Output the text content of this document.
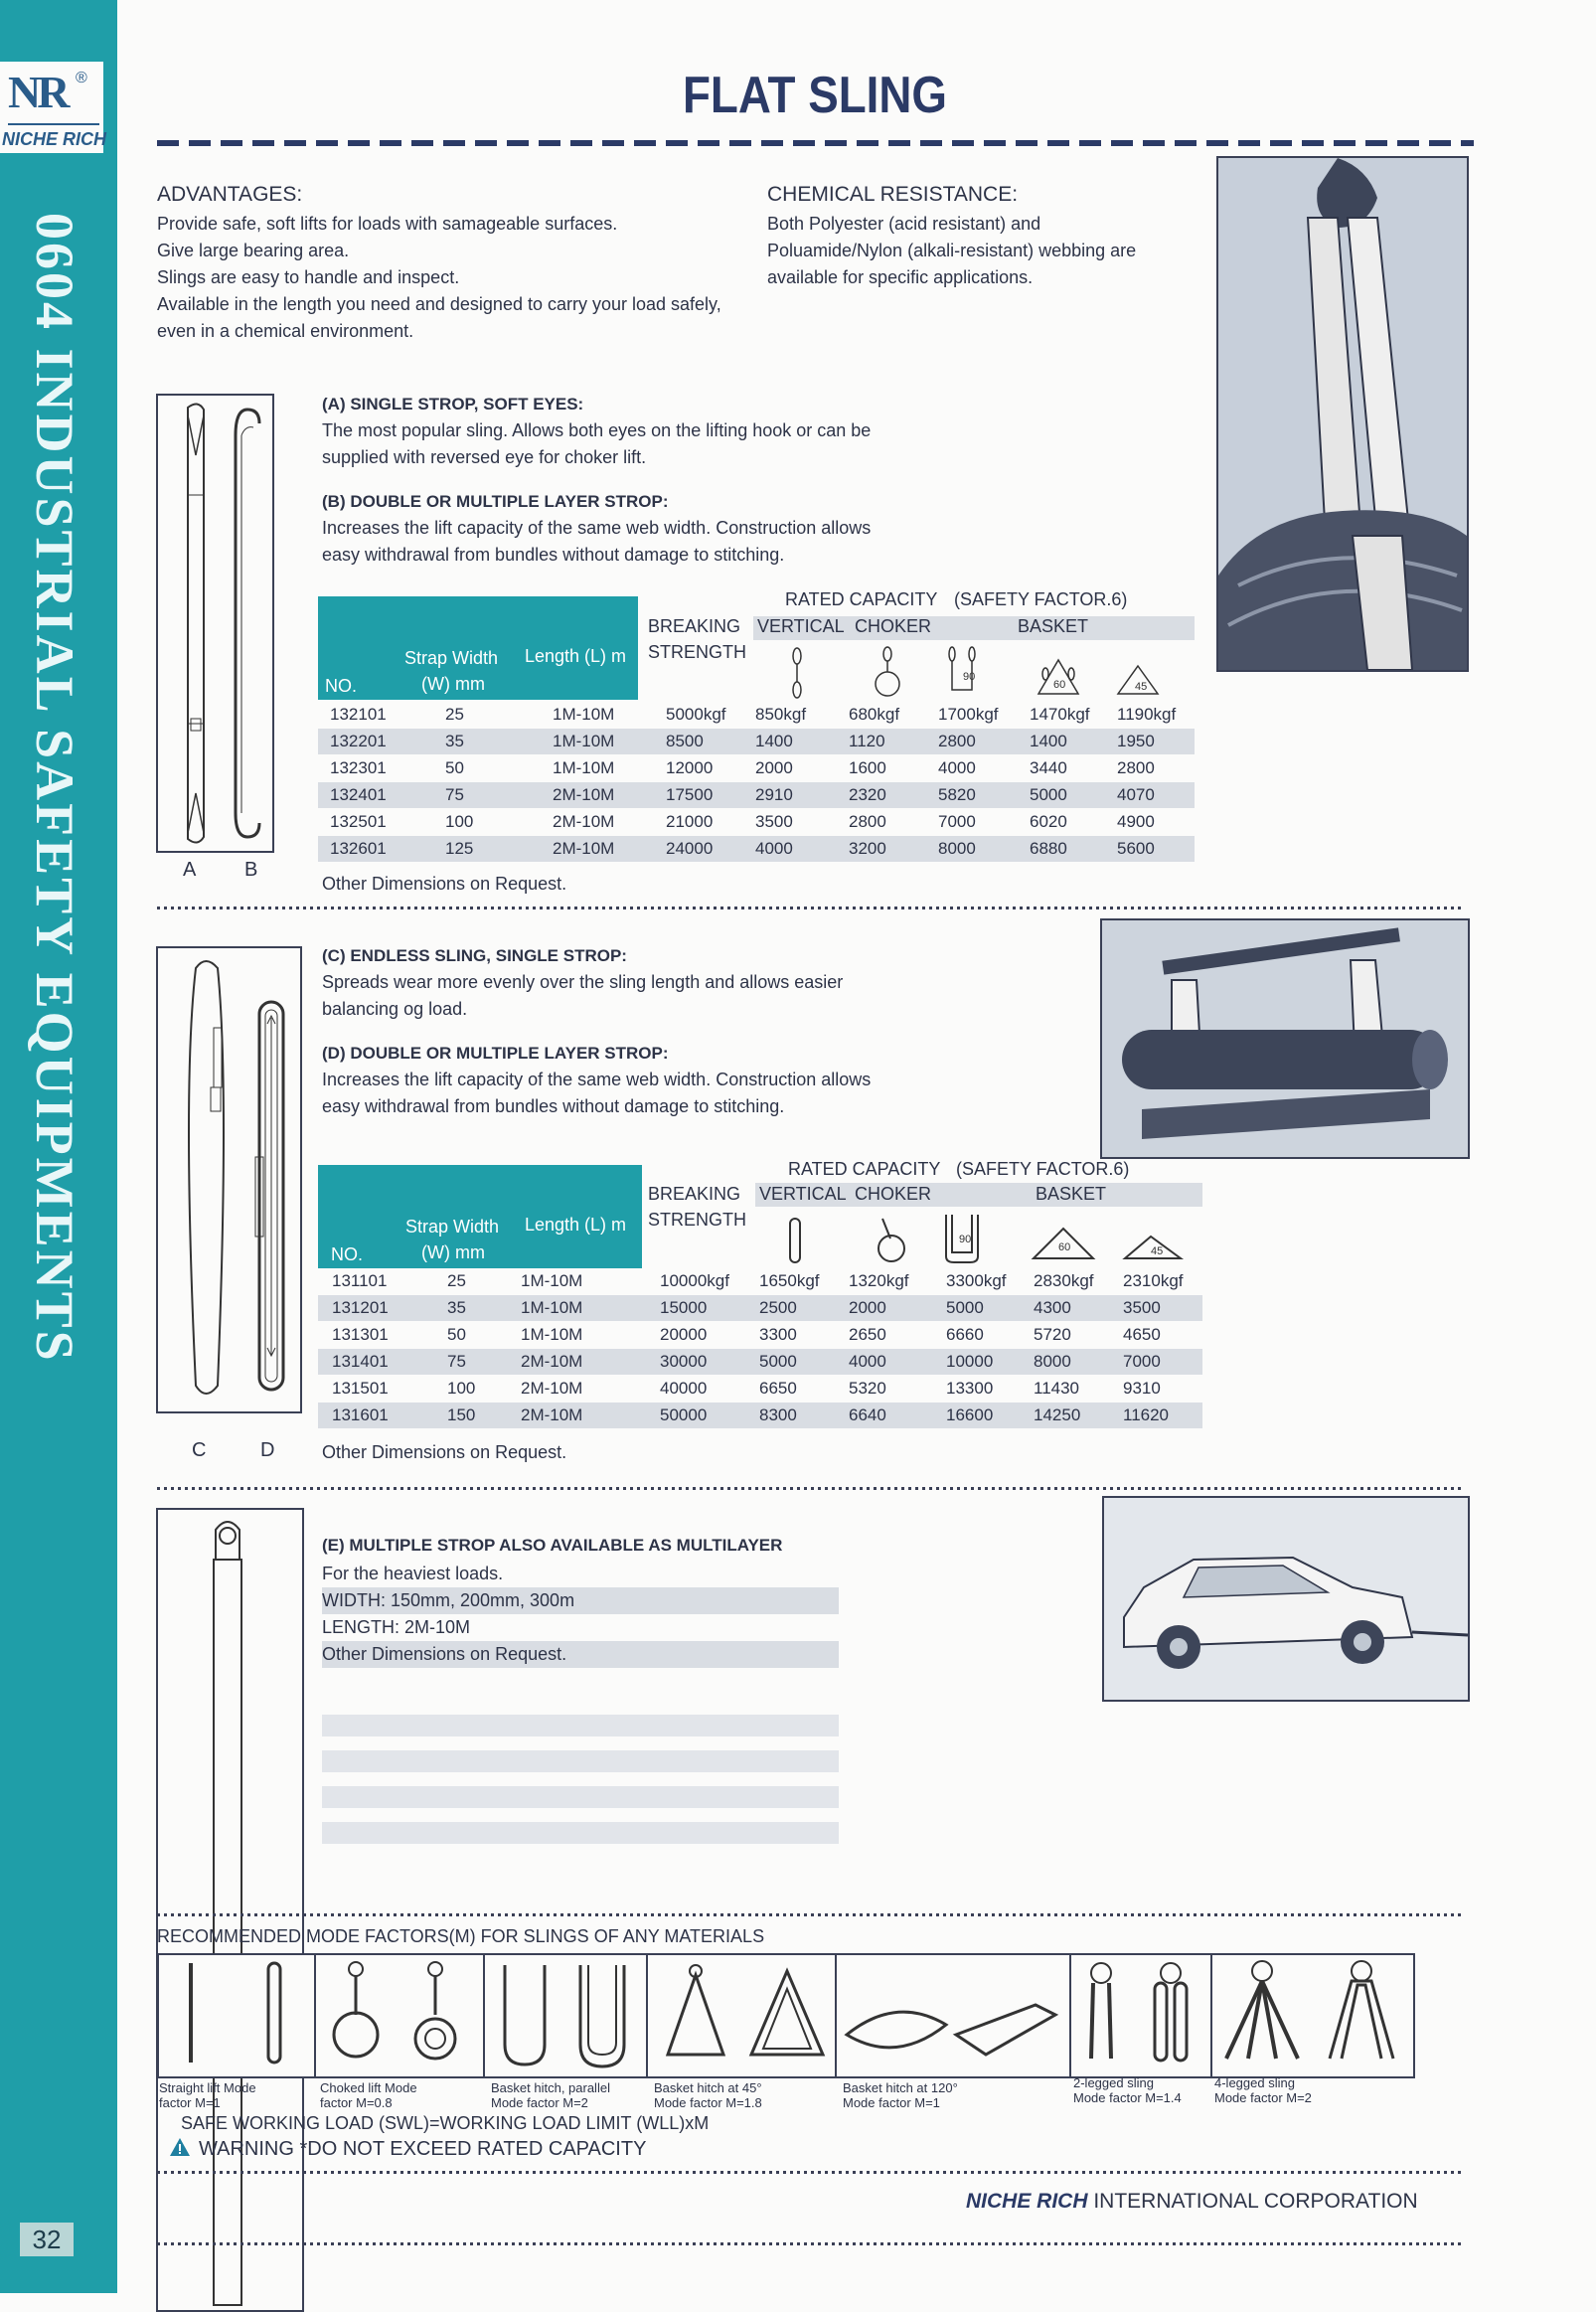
NR ®
NICHE RICH
0604 INDUSTRIAL SAFETY EQUIPMENTS
32
FLAT SLING
ADVANTAGES:
Provide safe, soft lifts for loads with samageable surfaces.
Give large bearing area.
Slings are easy to handle and inspect.
Available in the length you need and designed to carry your load safely,
even in a chemical environment.
CHEMICAL RESISTANCE:
Both Polyester (acid resistant) and
Poluamide/Nylon (alkali-resistant) webbing are
available for specific applications.
A B
(A) SINGLE STROP, SOFT EYES:
The most popular sling. Allows both eyes on the lifting hook or can be
supplied with reversed eye for choker lift.
(B) DOUBLE OR MULTIPLE LAYER STROP:
Increases the lift capacity of the same web width. Construction allows
easy withdrawal from bundles without damage to stitching.
Strap Width
(W) mm
Length (L) m
NO.
RATED CAPACITY (SAFETY FACTOR.6)
BREAKING
STRENGTH
VERTICAL CHOKER	BASKET
90
60	45
132101	25	1M-10M	5000kgf 850kgf	680kgf 1700kgf 1470kgf 1190kgf
132201	35	1M-10M	8500	1400	1120	2800	1400	1950
132301	50	1M-10M	12000	2000	1600	4000	3440	2800
132401	75	2M-10M	17500	2910	2320	5820	5000	4070
132501	100	2M-10M	21000	3500	2800	7000	6020	4900
132601	125	2M-10M	24000	4000	3200	8000	6880	5600
Other Dimensions on Request.
C	D
(C) ENDLESS SLING, SINGLE STROP:
Spreads wear more evenly over the sling length and allows easier
balancing og load.
(D) DOUBLE OR MULTIPLE LAYER STROP:
Increases the lift capacity of the same web width. Construction allows
easy withdrawal from bundles without damage to stitching.
Strap Width
(W) mm
Length (L) m
NO.
RATED CAPACITY (SAFETY FACTOR.6)
BREAKING
STRENGTH
VERTICAL CHOKER	BASKET
90
60	45
131101	25	1M-10M	10000kgf 1650kgf 1320kgf 3300kgf 2830kgf 2310kgf
131201	35	1M-10M	15000	2500	2000	5000	4300	3500
131301	50	1M-10M	20000	3300	2650	6660	5720	4650
131401	75	2M-10M	30000	5000	4000	10000 8000	7000
131501	100	2M-10M	40000	6650	5320	13300 11430	9310
131601	150	2M-10M	50000	8300	6640	16600 14250	11620
Other Dimensions on Request.
(E) MULTIPLE STROP ALSO AVAILABLE AS MULTILAYER
For the heaviest loads.
WIDTH: 150mm, 200mm, 300m
LENGTH: 2M-10M
Other Dimensions on Request.
RECOMMENDED MODE FACTORS(M) FOR SLINGS OF ANY MATERIALS
Straight lift Mode
factor M=1
Choked lift Mode
factor M=0.8
Basket hitch, parallel
Mode factor M=2
Basket hitch at 45°
Mode factor M=1.8
Basket hitch at 120°
Mode factor M=1
2-legged sling
Mode factor M=1.4
4-legged sling
Mode factor M=2
SAFE WORKING LOAD (SWL)=WORKING LOAD LIMIT (WLL)xM
WARNING *DO NOT EXCEED RATED CAPACITY
NICHE RICH INTERNATIONAL CORPORATION
